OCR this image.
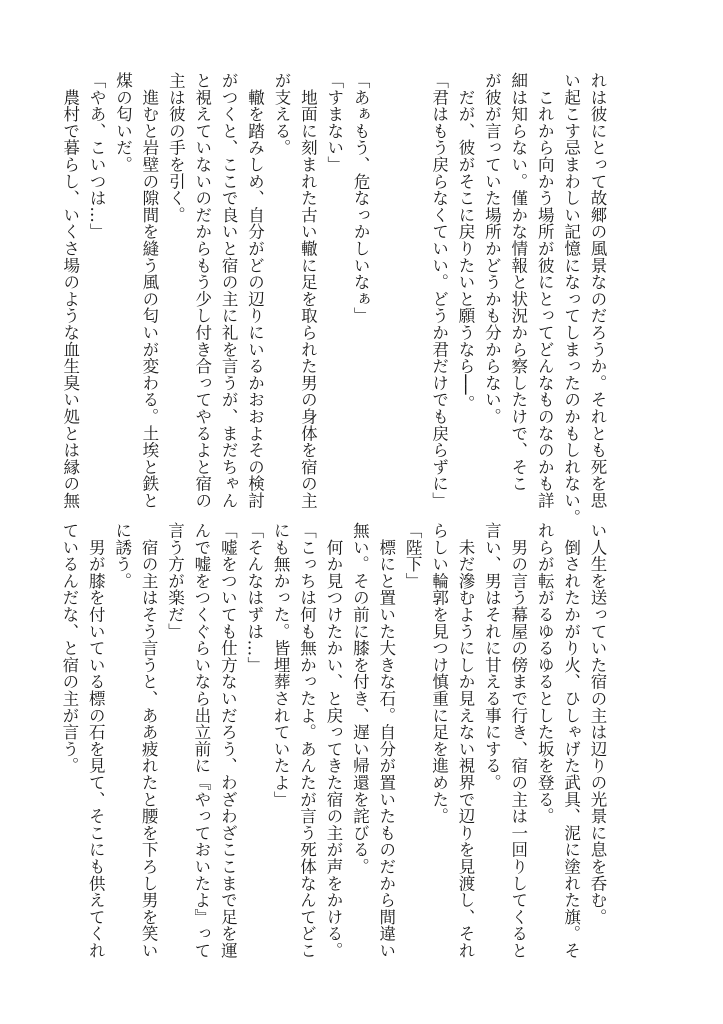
れは彼にとって故郷の風景なのだろうか。それとも死を思
い起こす忌まわしい記憶になってしまったのかもしれない。
　これから向かう場所が彼にとってどんなものなのかも詳
細は知らない。僅かな情報と状況から察したけで、そこ
が彼が言っていた場所かどうかも分からない。
　だが、彼がそこに戻りたいと願うなら──。
「君はもう戻らなくていい。どうか君だけでも戻らずに」
「あぁもう、危なっかしいなぁ」
「すまない」
　地面に刻まれた古い轍に足を取られた男の身体を宿の主
が支える。
　轍を踏みしめ、自分がどの辺りにいるかおおよその検討
がつくと、ここで良いと宿の主に礼を言うが、まだちゃん
と視えていないのだからもう少し付き合ってやるよと宿の
主は彼の手を引く。
　進むと岩壁の隙間を縫う風の匂いが変わる。土埃と鉄と
煤の匂いだ。
「やあ、こいつは…」
　農村で暮らし、いくさ場のような血生臭い処とは縁の無
い人生を送っていた宿の主は辺りの光景に息を呑む。
　倒されたかがり火、ひしゃげた武具、泥に塗れた旗。そ
れらが転がるゆるゆるとした坂を登る。
　男の言う幕屋の傍まで行き、宿の主は一回りしてくると
言い、男はそれに甘える事にする。
　未だ滲むようにしか見えない視界で辺りを見渡し、それ
らしい輪郭を見つけ慎重に足を進めた。
「陛下」
　標にと置いた大きな石。自分が置いたものだから間違い
無い。その前に膝を付き、遅い帰還を詫びる。
　何か見つけたかい、と戻ってきた宿の主が声をかける。
「こっちは何も無かったよ。あんたが言う死体なんてどこ
にも無かった。皆埋葬されていたよ」
「そんなはずは…」
「嘘をついても仕方ないだろう、わざわざここまで足を運
んで嘘をつくぐらいなら出立前に『やっておいたよ』って
言う方が楽だ」
　宿の主はそう言うと、ああ疲れたと腰を下ろし男を笑い
に誘う。
　男が膝を付いている標の石を見て、そこにも供えてくれ
ているんだな、と宿の主が言う。
